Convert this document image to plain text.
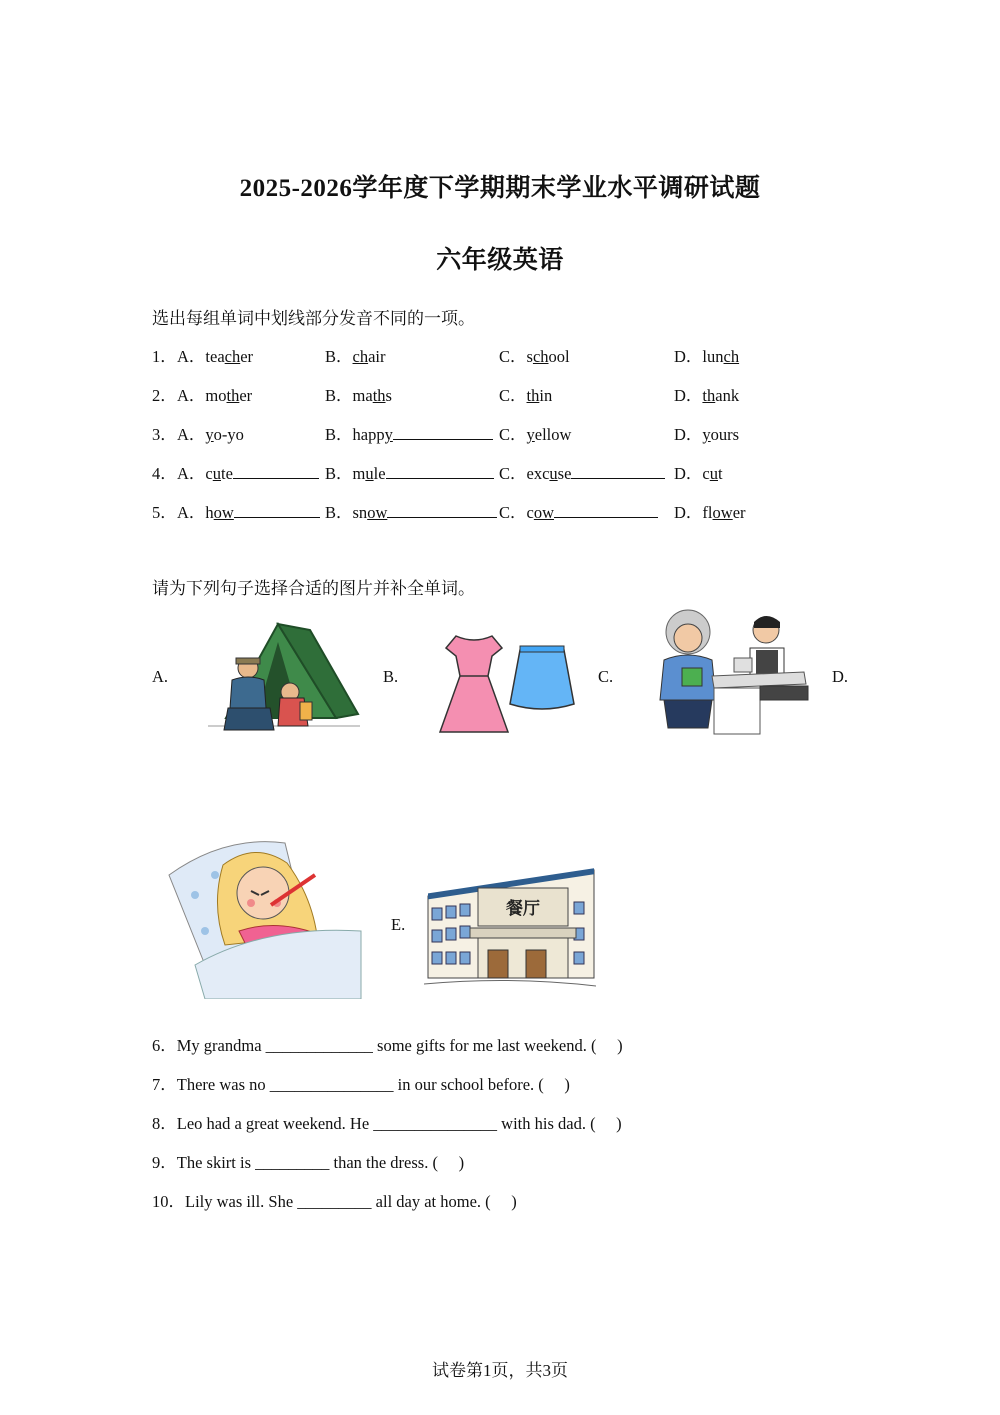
2025-2026学年度下学期期末学业水平调研试题
六年级英语
选出每组单词中划线部分发音不同的一项。
1． A．teacher	B．chair	C．school	D．lunch
2． A．mother	B．maths	C．thin	D．thank
3． A．yo-yo	B．happy	C．yellow	D．yours
4． A．cute	B．mule	C．excuse	D．cut
5． A．how	B．snow	C．cow	D．flower
请为下列句子选择合适的图片并补全单词。
A.	B.	C.	D.
E.
餐厅
6．My grandma _____________ some gifts for me last weekend. (     )
7．There was no _______________ in our school before. (     )
8．Leo had a great weekend. He _______________ with his dad. (     )
9．The skirt is _________ than the dress. (     )
10．Lily was ill. She _________ all day at home. (     )
试卷第1页，共3页
